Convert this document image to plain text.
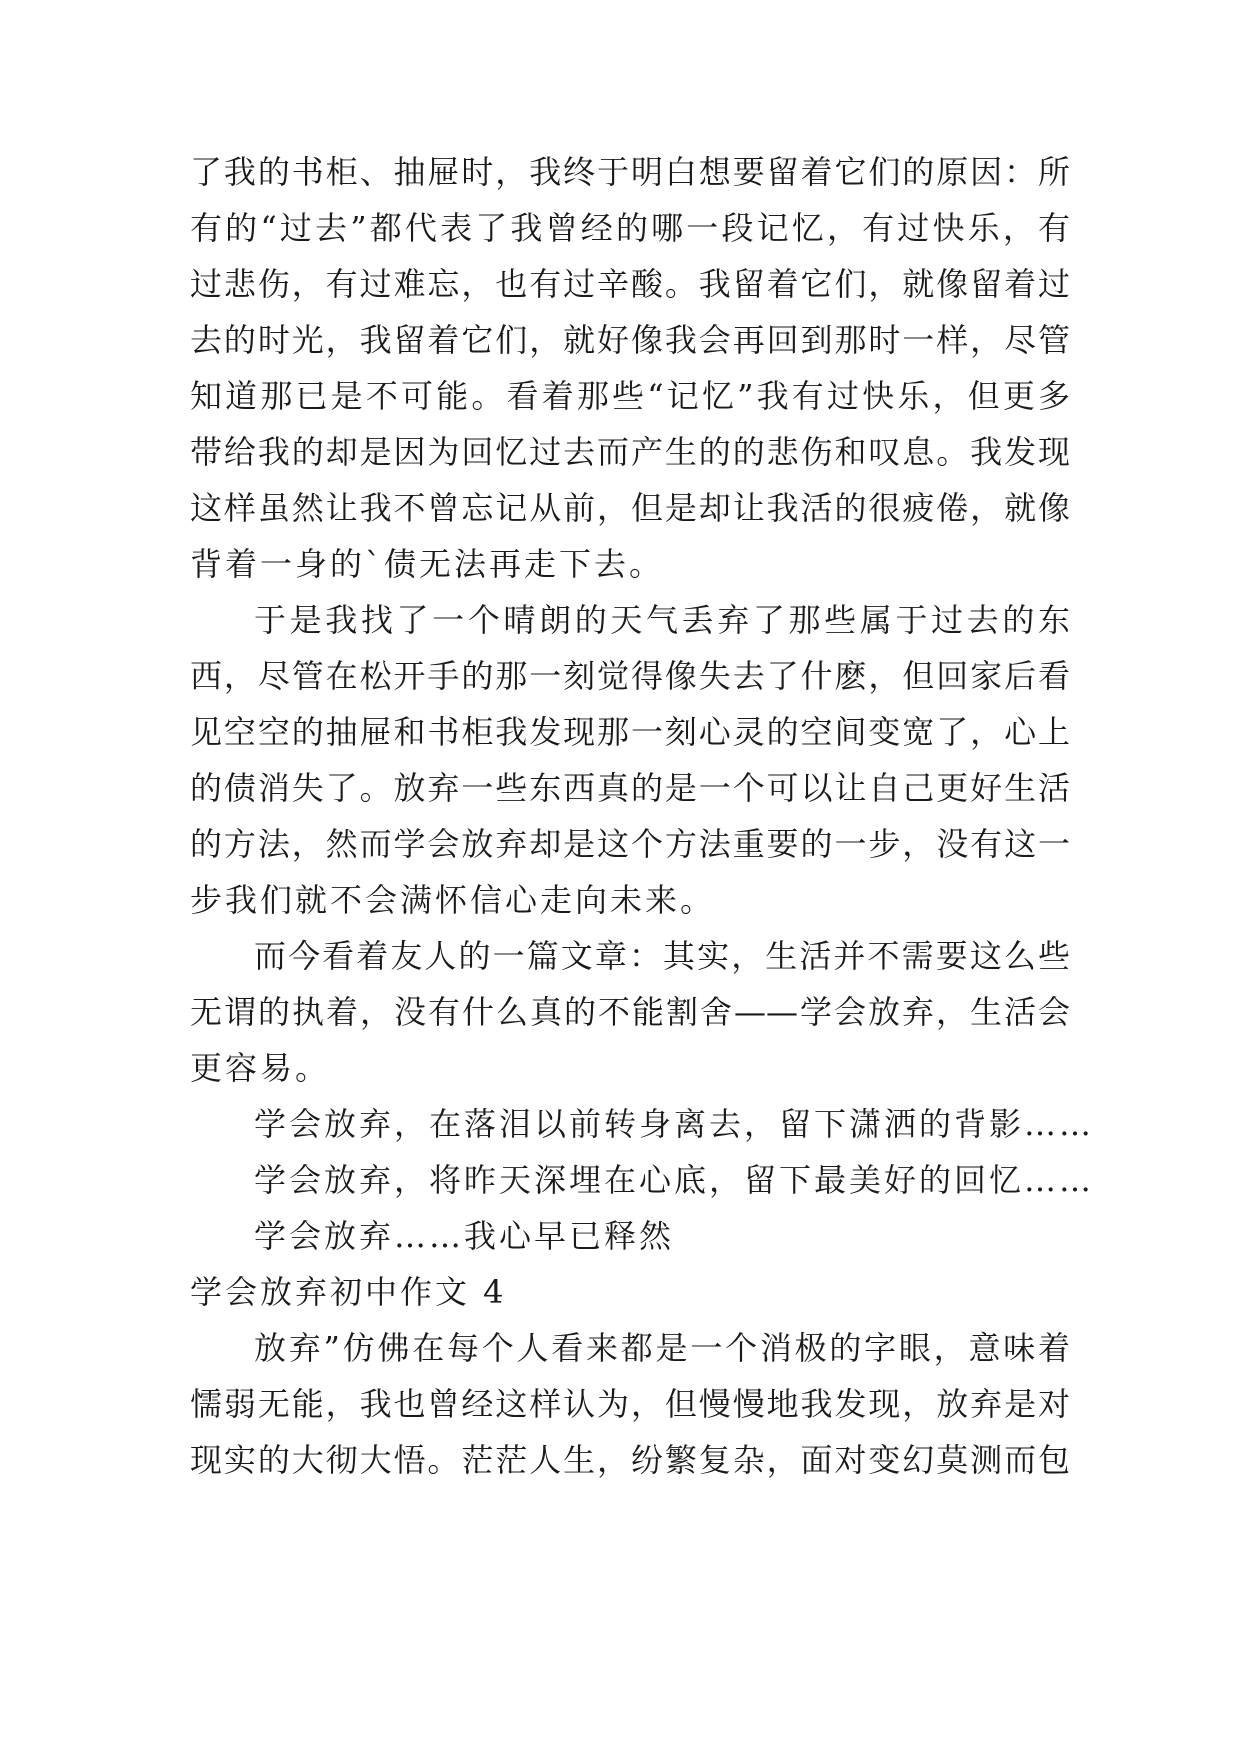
了我的书柜、抽屉时，我终于明白想要留着它们的原因：所
有的“过去”都代表了我曾经的哪一段记忆，有过快乐，有
过悲伤，有过难忘，也有过辛酸。我留着它们，就像留着过
去的时光，我留着它们，就好像我会再回到那时一样，尽管
知道那已是不可能。看着那些“记忆”我有过快乐，但更多
带给我的却是因为回忆过去而产生的的悲伤和叹息。我发现
这样虽然让我不曾忘记从前，但是却让我活的很疲倦，就像
背着一身的`债无法再走下去。
于是我找了一个晴朗的天气丢弃了那些属于过去的东
西，尽管在松开手的那一刻觉得像失去了什麽，但回家后看
见空空的抽屉和书柜我发现那一刻心灵的空间变宽了，心上
的债消失了。放弃一些东西真的是一个可以让自己更好生活
的方法，然而学会放弃却是这个方法重要的一步，没有这一
步我们就不会满怀信心走向未来。
而今看着友人的一篇文章：其实，生活并不需要这么些
无谓的执着，没有什么真的不能割舍——学会放弃，生活会
更容易。
学会放弃，在落泪以前转身离去，留下潇洒的背影……
学会放弃，将昨天深埋在心底，留下最美好的回忆……
学会放弃……我心早已释然
学会放弃初中作文 4
放弃”仿佛在每个人看来都是一个消极的字眼，意味着
懦弱无能，我也曾经这样认为，但慢慢地我发现，放弃是对
现实的大彻大悟。茫茫人生，纷繁复杂，面对变幻莫测而包
